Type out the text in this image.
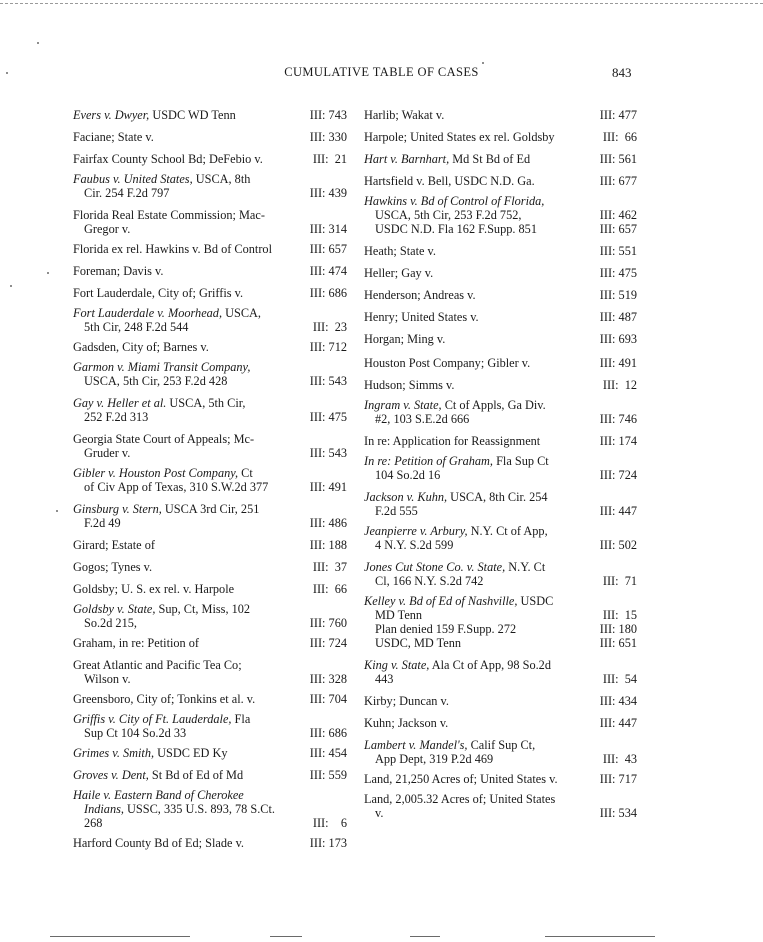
CUMULATIVE TABLE OF CASES	843
Evers v. Dwyer, USDC WD Tenn	III: 743
Faciane; State v.	III: 330
Fairfax County School Bd; DeFebio v.	III:  21
Faubus v. United States, USCA, 8th
Cir. 254 F.2d 797	III: 439
Florida Real Estate Commission; Mac-
Gregor v.	III: 314
Florida ex rel. Hawkins v. Bd of Control	III: 657
Foreman; Davis v.	III: 474
Fort Lauderdale, City of; Griffis v.	III: 686
Fort Lauderdale v. Moorhead, USCA,
5th Cir, 248 F.2d 544	III:  23
Gadsden, City of; Barnes v.	III: 712
Garmon v. Miami Transit Company,
USCA, 5th Cir, 253 F.2d 428	III: 543
Gay v. Heller et al. USCA, 5th Cir,
252 F.2d 313	III: 475
Georgia State Court of Appeals; Mc-
Gruder v.	III: 543
Gibler v. Houston Post Company, Ct
of Civ App of Texas, 310 S.W.2d 377	III: 491
Ginsburg v. Stern, USCA 3rd Cir, 251
F.2d 49	III: 486
Girard; Estate of	III: 188
Gogos; Tynes v.	III:  37
Goldsby; U. S. ex rel. v. Harpole	III:  66
Goldsby v. State, Sup, Ct, Miss, 102
So.2d 215,	III: 760
Graham, in re: Petition of	III: 724
Great Atlantic and Pacific Tea Co;
Wilson v.	III: 328
Greensboro, City of; Tonkins et al. v.	III: 704
Griffis v. City of Ft. Lauderdale, Fla
Sup Ct 104 So.2d 33	III: 686
Grimes v. Smith, USDC ED Ky	III: 454
Groves v. Dent, St Bd of Ed of Md	III: 559
Haile v. Eastern Band of Cherokee
Indians, USSC, 335 U.S. 893, 78 S.Ct.
268	III:    6
Harford County Bd of Ed; Slade v.	III: 173
Harlib; Wakat v.	III: 477
Harpole; United States ex rel. Goldsby	III:  66
Hart v. Barnhart, Md St Bd of Ed	III: 561
Hartsfield v. Bell, USDC N.D. Ga.	III: 677
Hawkins v. Bd of Control of Florida,
USCA, 5th Cir, 253 F.2d 752,	III: 462
USDC N.D. Fla 162 F.Supp. 851	III: 657
Heath; State v.	III: 551
Heller; Gay v.	III: 475
Henderson; Andreas v.	III: 519
Henry; United States v.	III: 487
Horgan; Ming v.	III: 693
Houston Post Company; Gibler v.	III: 491
Hudson; Simms v.	III:  12
Ingram v. State, Ct of Appls, Ga Div.
#2, 103 S.E.2d 666	III: 746
In re: Application for Reassignment	III: 174
In re: Petition of Graham, Fla Sup Ct
104 So.2d 16	III: 724
Jackson v. Kuhn, USCA, 8th Cir. 254
F.2d 555	III: 447
Jeanpierre v. Arbury, N.Y. Ct of App,
4 N.Y. S.2d 599	III: 502
Jones Cut Stone Co. v. State, N.Y. Ct
Cl, 166 N.Y. S.2d 742	III:  71
Kelley v. Bd of Ed of Nashville, USDC
MD Tenn	III:  15
Plan denied 159 F.Supp. 272	III: 180
USDC, MD Tenn	III: 651
King v. State, Ala Ct of App, 98 So.2d
443	III:  54
Kirby; Duncan v.	III: 434
Kuhn; Jackson v.	III: 447
Lambert v. Mandel's, Calif Sup Ct,
App Dept, 319 P.2d 469	III:  43
Land, 21,250 Acres of; United States v.	III: 717
Land, 2,005.32 Acres of; United States
v.	III: 534
